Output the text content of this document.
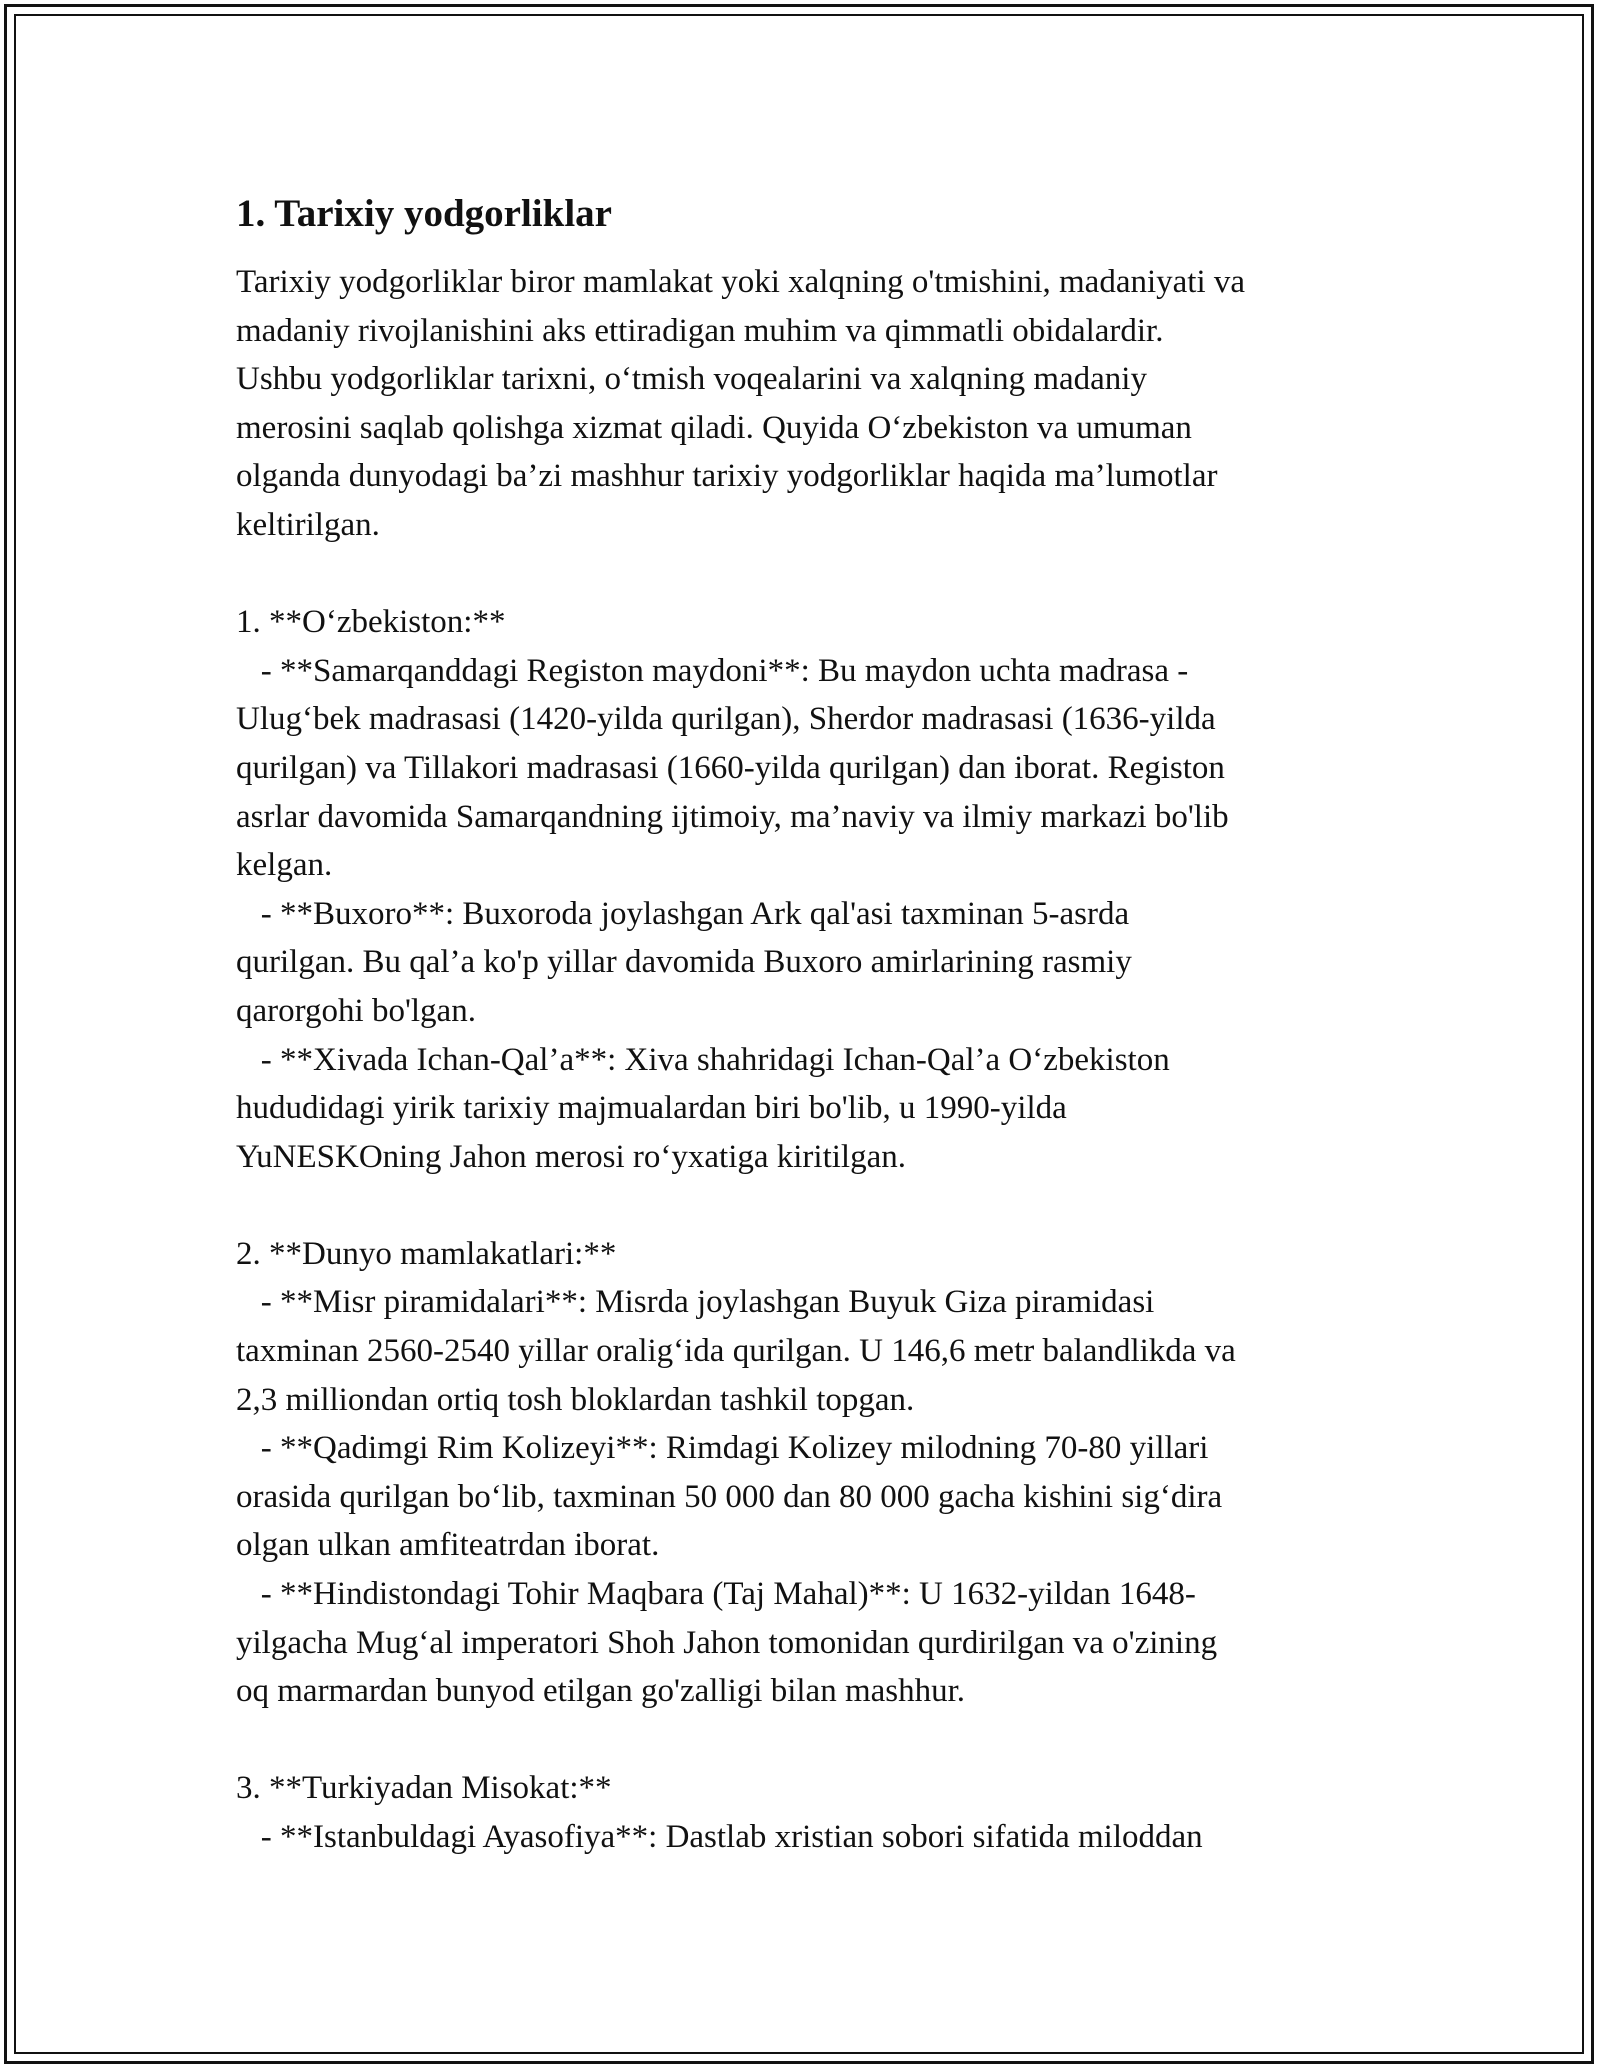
1. Tarixiy yodgorliklar
Tarixiy yodgorliklar biror mamlakat yoki xalqning o'tmishini, madaniyati va
madaniy rivojlanishini aks ettiradigan muhim va qimmatli obidalardir.
Ushbu yodgorliklar tarixni, o‘tmish voqealarini va xalqning madaniy
merosini saqlab qolishga xizmat qiladi. Quyida O‘zbekiston va umuman
olganda dunyodagi ba’zi mashhur tarixiy yodgorliklar haqida ma’lumotlar
keltirilgan.
1. **O‘zbekiston:**
- **Samarqanddagi Registon maydoni**: Bu maydon uchta madrasa -
Ulug‘bek madrasasi (1420-yilda qurilgan), Sherdor madrasasi (1636-yilda
qurilgan) va Tillakori madrasasi (1660-yilda qurilgan) dan iborat. Registon
asrlar davomida Samarqandning ijtimoiy, ma’naviy va ilmiy markazi bo'lib
kelgan.
- **Buxoro**: Buxoroda joylashgan Ark qal'asi taxminan 5-asrda
qurilgan. Bu qal’a ko'p yillar davomida Buxoro amirlarining rasmiy
qarorgohi bo'lgan.
- **Xivada Ichan-Qal’a**: Xiva shahridagi Ichan-Qal’a O‘zbekiston
hududidagi yirik tarixiy majmualardan biri bo'lib, u 1990-yilda
YuNESKOning Jahon merosi ro‘yxatiga kiritilgan.
2. **Dunyo mamlakatlari:**
- **Misr piramidalari**: Misrda joylashgan Buyuk Giza piramidasi
taxminan 2560-2540 yillar oralig‘ida qurilgan. U 146,6 metr balandlikda va
2,3 milliondan ortiq tosh bloklardan tashkil topgan.
- **Qadimgi Rim Kolizeyi**: Rimdagi Kolizey milodning 70-80 yillari
orasida qurilgan bo‘lib, taxminan 50 000 dan 80 000 gacha kishini sig‘dira
olgan ulkan amfiteatrdan iborat.
- **Hindistondagi Tohir Maqbara (Taj Mahal)**: U 1632-yildan 1648-
yilgacha Mug‘al imperatori Shoh Jahon tomonidan qurdirilgan va o'zining
oq marmardan bunyod etilgan go'zalligi bilan mashhur.
3. **Turkiyadan Misokat:**
- **Istanbuldagi Ayasofiya**: Dastlab xristian sobori sifatida miloddan
